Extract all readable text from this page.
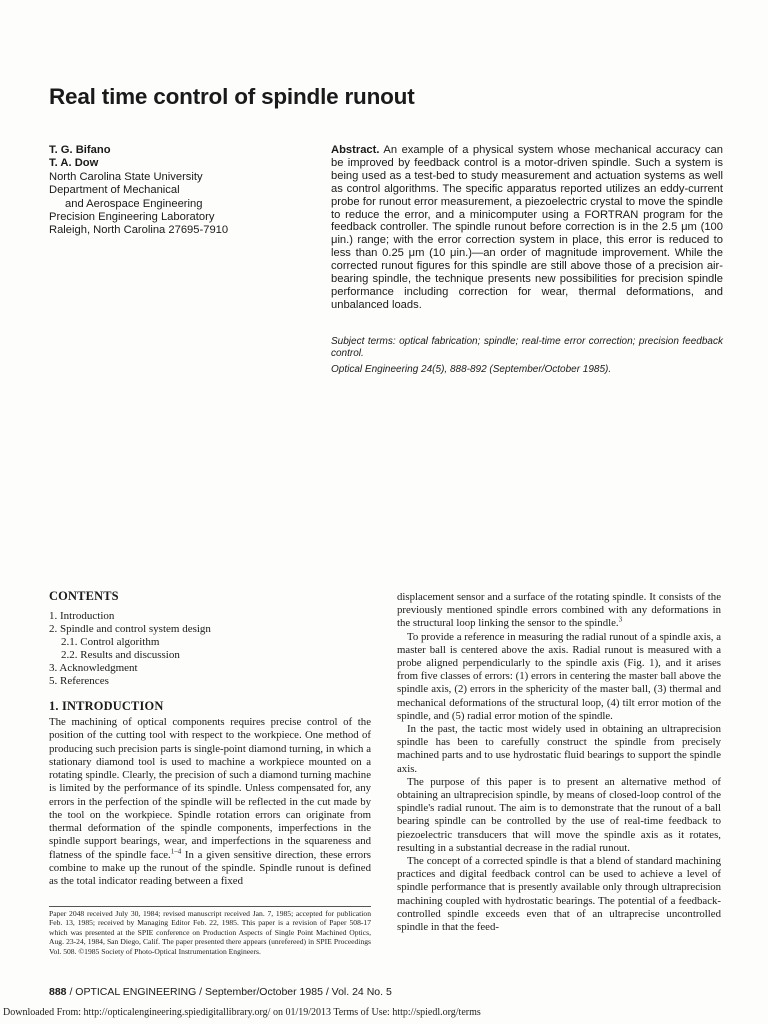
Real time control of spindle runout
T. G. Bifano
T. A. Dow
North Carolina State University
Department of Mechanical
and Aerospace Engineering
Precision Engineering Laboratory
Raleigh, North Carolina 27695-7910

Abstract. An example of a physical system whose mechanical accuracy can be improved by feedback control is a motor-driven spindle. Such a system is being used as a test-bed to study measurement and actuation systems as well as control algorithms. The specific apparatus reported utilizes an eddy-current probe for runout error measurement, a piezoelectric crystal to move the spindle to reduce the error, and a minicomputer using a FORTRAN program for the feedback controller. The spindle runout before correction is in the 2.5 μm (100 μin.) range; with the error correction system in place, this error is reduced to less than 0.25 μm (10 μin.)—an order of magnitude improvement. While the corrected runout figures for this spindle are still above those of a precision air-bearing spindle, the technique presents new possibilities for precision spindle performance including correction for wear, thermal deformations, and unbalanced loads.

Subject terms: optical fabrication; spindle; real-time error correction; precision feedback control.
Optical Engineering 24(5), 888-892 (September/October 1985).
CONTENTS
1. Introduction
2. Spindle and control system design
2.1. Control algorithm
2.2. Results and discussion
3. Acknowledgment
5. References
1. INTRODUCTION

The machining of optical components requires precise control of the position of the cutting tool with respect to the workpiece. One method of producing such precision parts is single-point diamond turning, in which a stationary diamond tool is used to machine a workpiece mounted on a rotating spindle. Clearly, the precision of such a diamond turning machine is limited by the performance of its spindle. Unless compensated for, any errors in the perfection of the spindle will be reflected in the cut made by the tool on the workpiece. Spindle rotation errors can originate from thermal deformation of the spindle components, imperfections in the spindle support bearings, wear, and imperfections in the squareness and flatness of the spindle face.$^{1-4}$ In a given sensitive direction, these errors combine to make up the runout of the spindle. Spindle runout is defined as the total indicator reading between a fixed

Paper 2048 received July 30, 1984; revised manuscript received Jan. 7, 1985; accepted for publication Feb. 13, 1985; received by Managing Editor Feb. 22, 1985. This paper is a revision of Paper 508-17 which was presented at the SPIE conference on Production Aspects of Single Point Machined Optics, Aug. 23-24, 1984, San Diego, Calif. The paper presented there appears (unrefereed) in SPIE Proceedings Vol. 508. ©1985 Society of Photo-Optical Instrumentation Engineers.

displacement sensor and a surface of the rotating spindle. It consists of the previously mentioned spindle errors combined with any deformations in the structural loop linking the sensor to the spindle.$^3$

To provide a reference in measuring the radial runout of a spindle axis, a master ball is centered above the axis. Radial runout is measured with a probe aligned perpendicularly to the spindle axis (Fig. 1), and it arises from five classes of errors: (1) errors in centering the master ball above the spindle axis, (2) errors in the sphericity of the master ball, (3) thermal and mechanical deformations of the structural loop, (4) tilt error motion of the spindle, and (5) radial error motion of the spindle.

In the past, the tactic most widely used in obtaining an ultraprecision spindle has been to carefully construct the spindle from precisely machined parts and to use hydrostatic fluid bearings to support the spindle axis.

The purpose of this paper is to present an alternative method of obtaining an ultraprecision spindle, by means of closed-loop control of the spindle's radial runout. The aim is to demonstrate that the runout of a ball bearing spindle can be controlled by the use of real-time feedback to piezoelectric transducers that will move the spindle axis as it rotates, resulting in a substantial decrease in the radial runout.

The concept of a corrected spindle is that a blend of standard machining practices and digital feedback control can be used to achieve a level of spindle performance that is presently available only through ultraprecision machining coupled with hydrostatic bearings. The potential of a feedback-controlled spindle exceeds even that of an ultraprecise uncontrolled spindle in that the feed-

888 / OPTICAL ENGINEERING / September/October 1985 / Vol. 24 No. 5
Downloaded From: http://opticalengineering.spiedigitallibrary.org/ on 01/19/2013 Terms of Use: http://spiedl.org/terms
